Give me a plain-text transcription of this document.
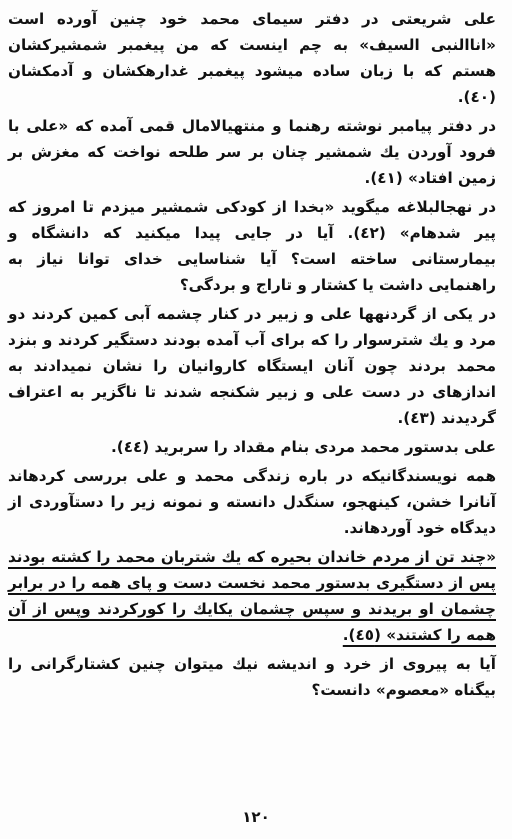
علی شریعتی در دفتر سیمای محمد خود چنین آورده است «اناالنبی السیف» به چم اینست که من پیغمبر شمشیرکشان هستم که با زبان ساده میشود پیغمبر غدارهکشان و آدمکشان (٤٠).

در دفتر پیامبر نوشته رهنما و منتهیالامال قمی آمده که «علی با فرود آوردن یك شمشیر چنان بر سر طلحه نواخت که مغزش بر زمین افتاد» (٤١).

در نهجالبلاغه میگوید «بخدا از کودکی شمشیر میزدم تا امروز که پیر شدهام» (٤٢). آیا در جایی پیدا میکنید که دانشگاه و بیمارستانی ساخته است؟ آیا شناسایی خدای توانا نیاز به راهنمایی داشت یا کشتار و تاراج و بردگی؟

در یکی از گردنهها علی و زبیر در کنار چشمه آبی کمین کردند دو مرد و یك شترسوار را که برای آب آمده بودند دستگیر کردند و بنزد محمد بردند چون آنان ایستگاه کاروانیان را نشان نمیدادند به اندازهای در دست علی و زبیر شکنجه شدند تا ناگزیر به اعتراف گردیدند (٤٣).

علی بدستور محمد مردی بنام مقداد را سربرید (٤٤).

همه نویسندگانیکه در باره زندگی محمد و علی بررسی کردهاند آنانرا خشن، کینهجو، سنگدل دانسته و نمونه زیر را دستآوردی از دیدگاه خود آوردهاند.

«چند تن از مردم خاندان بحیره که یك شتربان محمد را کشته بودند پس از دستگیری بدستور محمد نخست دست و پای همه را در برابر چشمان او بریدند و سپس چشمان یکایك را کورکردند وپس از آن همه را کشتند» (٤٥).

آیا به پیروی از خرد و اندیشه نیك میتوان چنین کشتارگرانی را بیگناه «معصوم» دانست؟

١٢٠
